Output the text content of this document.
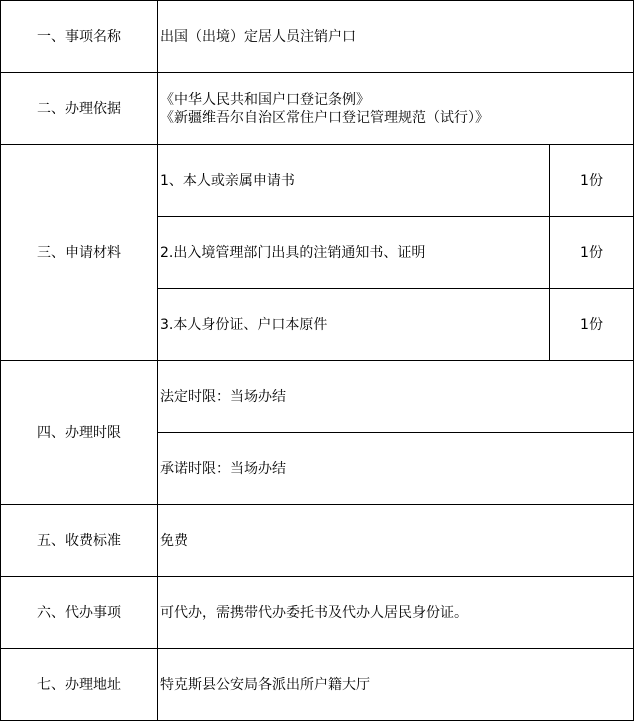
一、事项名称	出国（出境）定居人员注销户口	
二、办理依据	《中华人民共和国户口登记条例》
《新疆维吾尔自治区常住户口登记管理规范（试行）》	

三、申请材料	1、本人或亲属申请书	1份
	2.出入境管理部门出具的注销通知书、证明	1份
	3.本人身份证、户口本原件	1份
四、办理时限	法定时限：当场办结	
	承诺时限：当场办结	
五、收费标准	免费	
六、代办事项	可代办，需携带代办委托书及代办人居民身份证。	
七、办理地址	特克斯县公安局各派出所户籍大厅	
